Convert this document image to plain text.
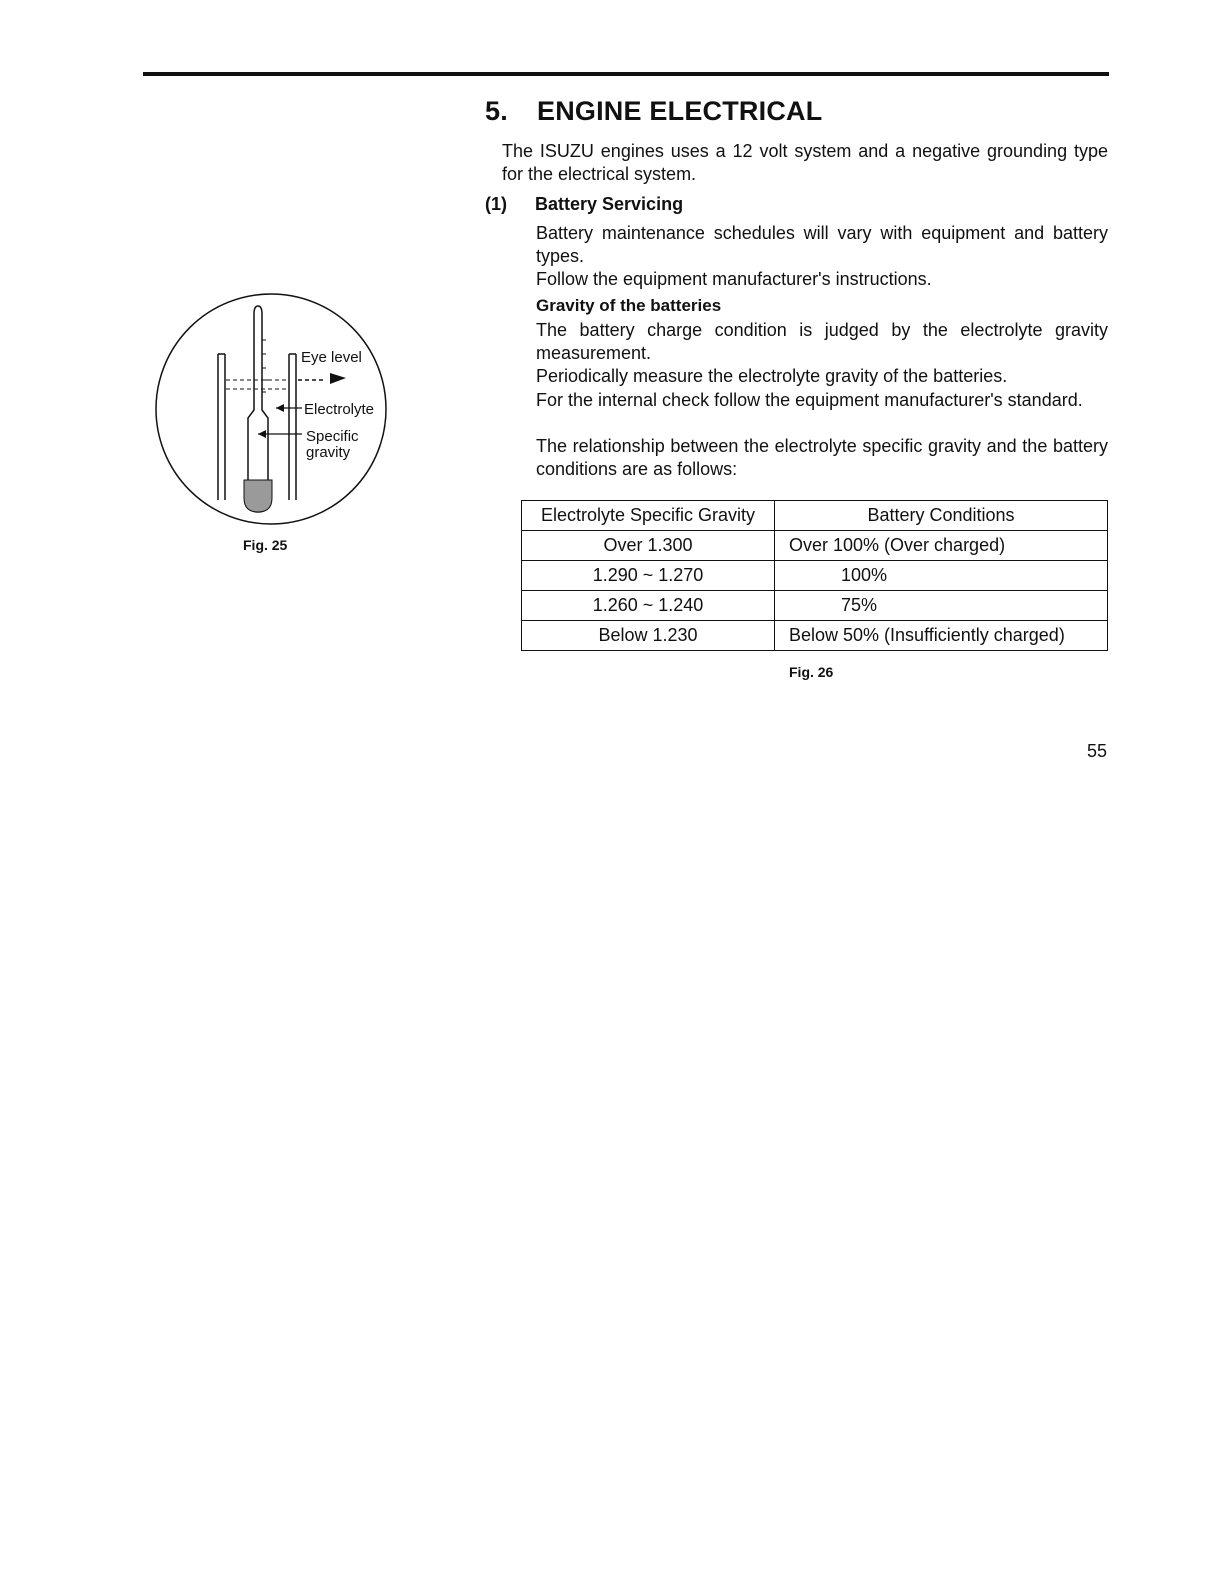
5. ENGINE ELECTRICAL

The ISUZU engines uses a 12 volt system and a negative grounding type for the electrical system.

(1) Battery Servicing

Battery maintenance schedules will vary with equipment and battery types.

Follow the equipment manufacturer's instructions.

Gravity of the batteries

The battery charge condition is judged by the electrolyte gravity measurement.

Periodically measure the electrolyte gravity of the batteries.

For the internal check follow the equipment manufacturer's standard.

The relationship between the electrolyte specific gravity and the battery conditions are as follows:

Eye level
Electrolyte
Specific
gravity
Fig. 25
Electrolyte Specific Gravity	Battery Conditions
Over 1.300	Over 100% (Over charged)
1.290 ~ 1.270	100%
1.260 ~ 1.240	75%
Below 1.230	Below 50% (Insufficiently charged)
Fig. 26
55
